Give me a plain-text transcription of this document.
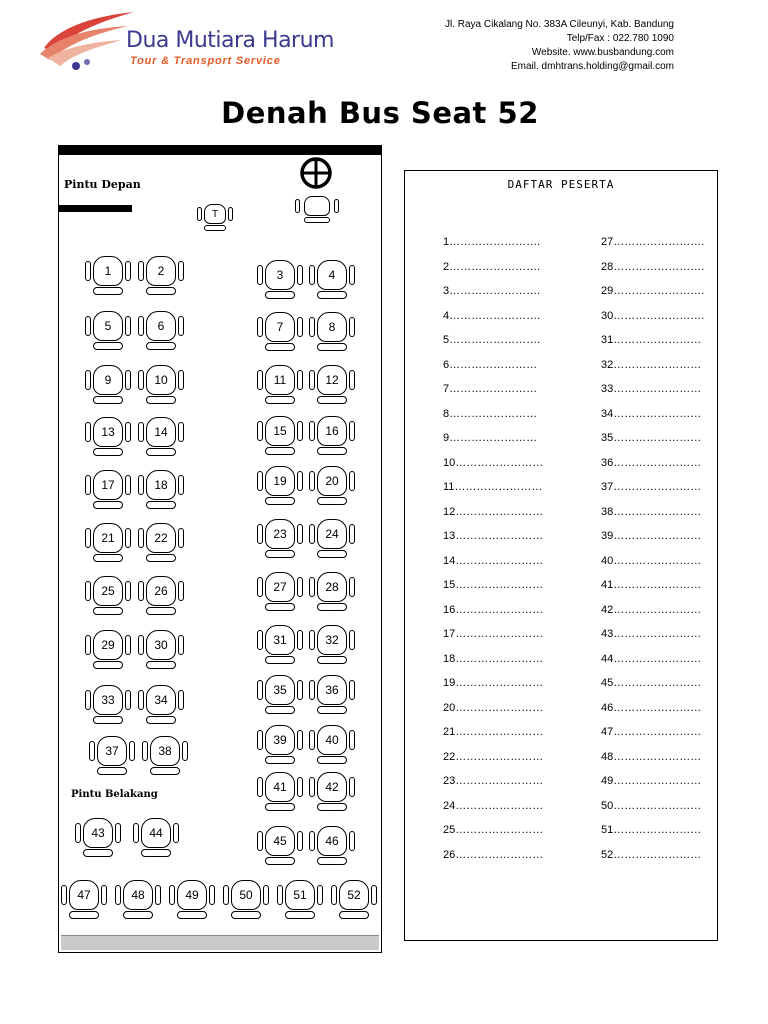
Dua Mutiara Harum
Tour & Transport Service
Jl. Raya Cikalang No. 383A Cileunyi, Kab. Bandung
Telp/Fax : 022.780 1090
Website. www.busbandung.com
Email. dmhtrans.holding@gmail.com
Denah Bus Seat 52
Pintu Depan
Pintu Belakang
1	2	3	4
5	6	7	8
9	10	11	12
13	14	15	16
17	18	19	20
21	22	23	24
25	26	27	28
29	30	31	32
33	34
35	36
37	38
39	40
41	42
43	44
45	46
47	48	49	50	51	52
T
DAFTAR PESERTA
1…………………….
2…………………….
3…………………….
4…………………….
5…………………….
6……………………
7……………………
8……………………
9……………………
10……………………
11……………………
12……………………
13……………………
14……………………
15……………………
16……………………
17……………………
18……………………
19……………………
20……………………
21……………………
22……………………
23……………………
24……………………
25……………………
26……………………
27…………………….
28…………………….
29…………………….
30…………………….
31……………………
32……………………
33……………………
34……………………
35……………………
36……………………
37……………………
38……………………
39……………………
40……………………
41……………………
42……………………
43……………………
44……………………
45……………………
46……………………
47……………………
48……………………
49……………………
50……………………
51……………………
52……………………
